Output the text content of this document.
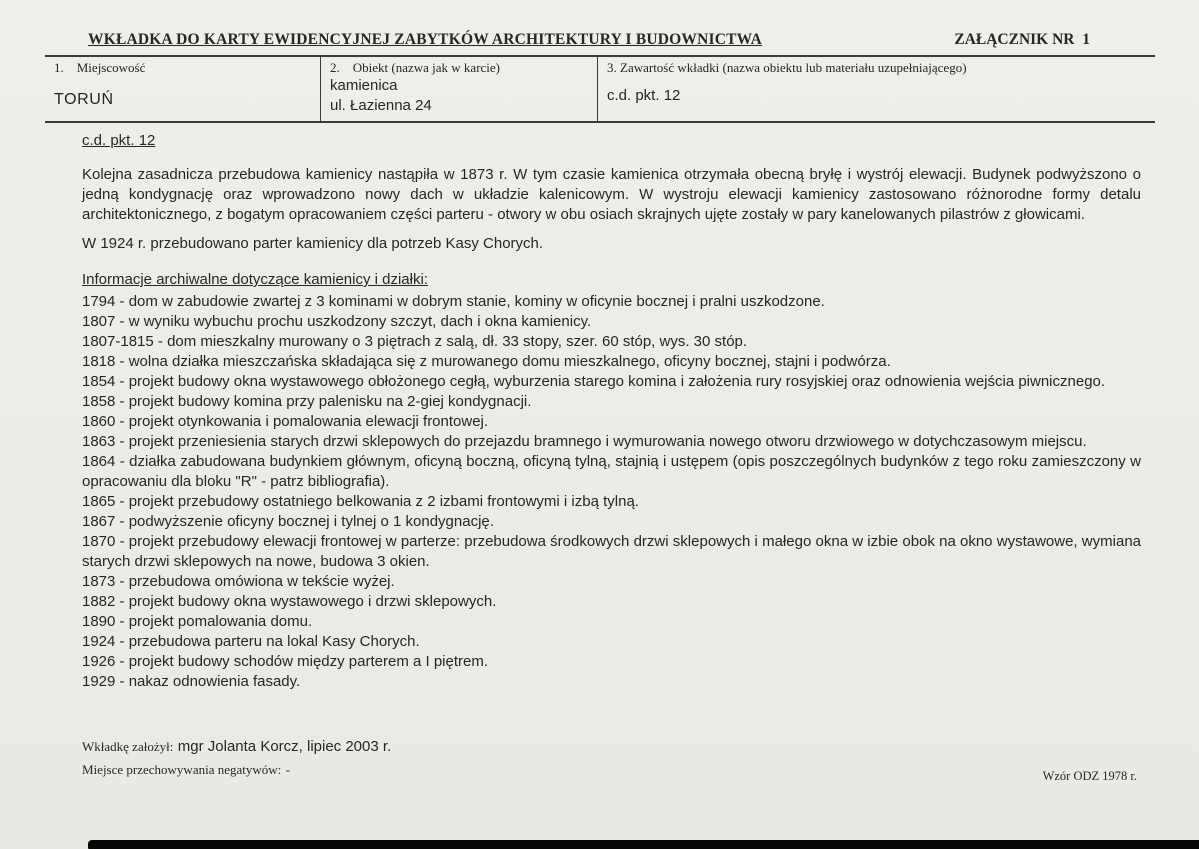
WKŁADKA DO KARTY EWIDENCYJNEJ ZABYTKÓW ARCHITEKTURY I BUDOWNICTWA	ZAŁĄCZNIK NR  1
1.    Miejscowość
TORUŃ
2.    Obiekt (nazwa jak w karcie)
kamienica
ul. Łazienna 24
3. Zawartość wkładki (nazwa obiektu lub materiału uzupełniającego)
c.d. pkt. 12
c.d. pkt. 12

Kolejna zasadnicza przebudowa kamienicy nastąpiła w 1873 r. W tym czasie kamienica otrzymała obecną bryłę i wystrój elewacji. Budynek podwyższono o jedną kondygnację oraz wprowadzono nowy dach w układzie kalenicowym. W wystroju elewacji kamienicy zastosowano różnorodne formy detalu architektonicznego, z bogatym opracowaniem części parteru - otwory w obu osiach skrajnych ujęte zostały w pary kanelowanych pilastrów z głowicami.

W 1924 r. przebudowano parter kamienicy dla potrzeb Kasy Chorych.

Informacje archiwalne dotyczące kamienicy i działki:
1794 - dom w zabudowie zwartej z 3 kominami w dobrym stanie, kominy w oficynie bocznej i pralni uszkodzone.
1807 - w wyniku wybuchu prochu uszkodzony szczyt, dach i okna kamienicy.
1807-1815 - dom mieszkalny murowany o 3 piętrach z salą, dł. 33 stopy, szer. 60 stóp, wys. 30 stóp.
1818 - wolna działka mieszczańska składająca się z murowanego domu mieszkalnego, oficyny bocznej, stajni i podwórza.
1854 - projekt budowy okna wystawowego obłożonego cegłą, wyburzenia starego komina i założenia rury rosyjskiej oraz odnowienia wejścia piwnicznego.
1858 - projekt budowy komina przy palenisku na 2-giej kondygnacji.
1860 - projekt otynkowania i pomalowania elewacji frontowej.
1863 - projekt przeniesienia starych drzwi sklepowych do przejazdu bramnego i wymurowania nowego otworu drzwiowego w dotychczasowym miejscu.
1864 - działka zabudowana budynkiem głównym, oficyną boczną, oficyną tylną, stajnią i ustępem (opis poszczególnych budynków z tego roku zamieszczony w opracowaniu dla bloku "R" - patrz bibliografia).
1865 - projekt przebudowy ostatniego belkowania z 2 izbami frontowymi i izbą tylną.
1867 - podwyższenie oficyny bocznej i tylnej o 1 kondygnację.
1870 - projekt przebudowy elewacji frontowej w parterze: przebudowa środkowych drzwi sklepowych i małego okna w izbie obok na okno wystawowe, wymiana starych drzwi sklepowych na nowe, budowa 3 okien.
1873 - przebudowa omówiona w tekście wyżej.
1882 - projekt budowy okna wystawowego i drzwi sklepowych.
1890 - projekt pomalowania domu.
1924 - przebudowa parteru na lokal Kasy Chorych.
1926 - projekt budowy schodów między parterem a I piętrem.
1929 - nakaz odnowienia fasady.
Wkładkę założył: mgr Jolanta Korcz, lipiec 2003 r.
Miejsce przechowywania negatywów: -	Wzór ODZ 1978 r.
